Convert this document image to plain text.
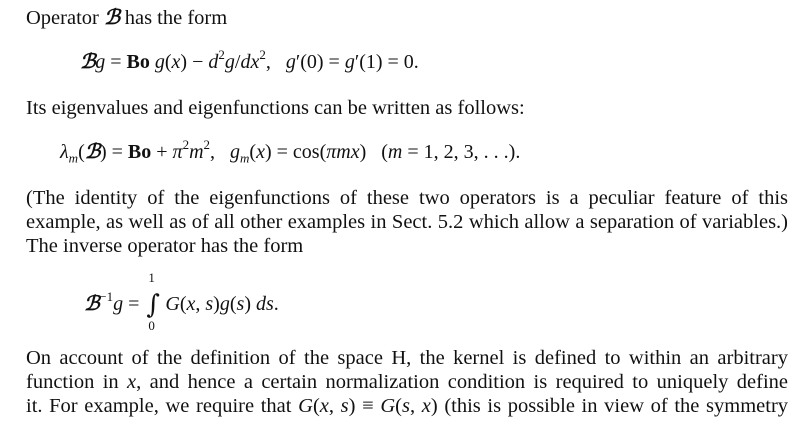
Operator ℬ has the form
ℬg = Bo $g(x) - d^2g/dx^2$,   g′(0) = g′(1) = 0.
Its eigenvalues and eigenfunctions can be written as follows:
$\lambda_m(ℬ) = Bo + \pi^2m^2$,   $g_m(x) = \cos(\pi mx) (m = 1$, 2, 3, . . .).
(The identity of the eigenfunctions of these two operators is a peculiar feature of this
example, as well as of all other examples in Sect. 5.2 which allow a separation of variables.)
The inverse operator has the form
ℬ$^{-1}$g =
1
∫
0
G(x, s)g(s) ds.
On account of the definition of the space H, the kernel is defined to within an arbitrary
function in x, and hence a certain normalization condition is required to uniquely define
it. For example, we require that G(x, s) ≡ G(s, x) (this is possible in view of the symmetry
